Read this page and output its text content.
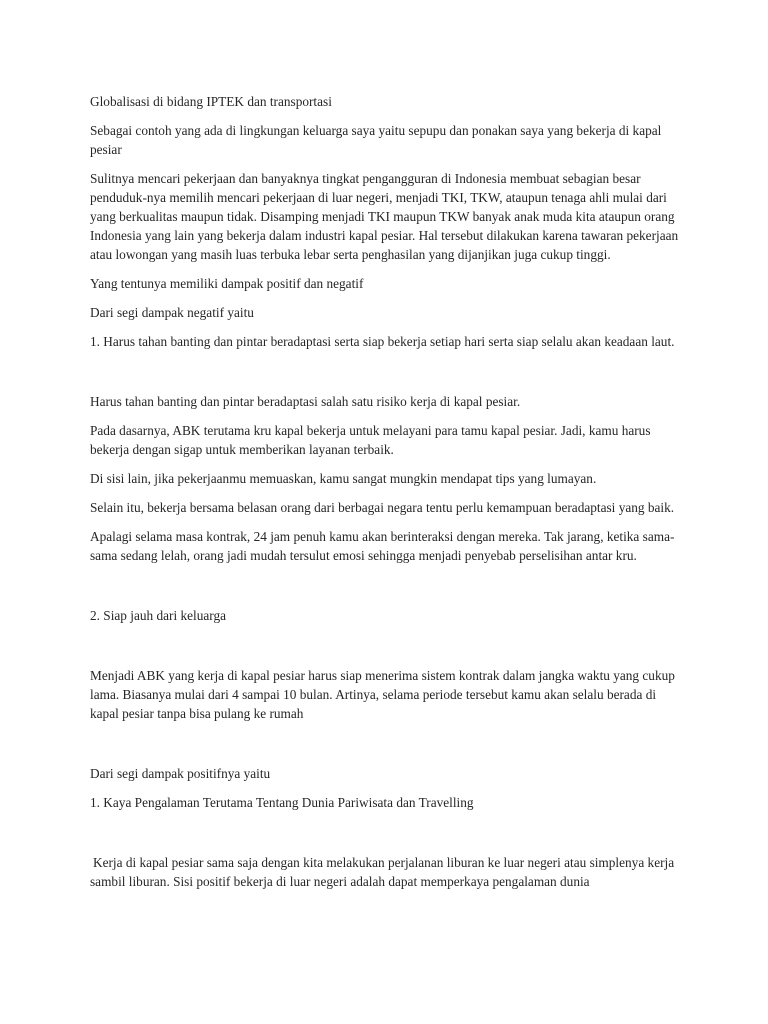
Globalisasi di bidang IPTEK dan transportasi

Sebagai contoh yang ada di lingkungan keluarga saya yaitu sepupu dan ponakan saya yang bekerja di kapal pesiar

Sulitnya mencari pekerjaan dan banyaknya tingkat pengangguran di Indonesia membuat sebagian besar penduduk-nya memilih mencari pekerjaan di luar negeri, menjadi TKI, TKW, ataupun tenaga ahli mulai dari yang berkualitas maupun tidak. Disamping menjadi TKI maupun TKW banyak anak muda kita ataupun orang Indonesia yang lain yang bekerja dalam industri kapal pesiar. Hal tersebut dilakukan karena tawaran pekerjaan atau lowongan yang masih luas terbuka lebar serta penghasilan yang dijanjikan juga cukup tinggi.

Yang tentunya memiliki dampak positif dan negatif

Dari segi dampak negatif yaitu

1. Harus tahan banting dan pintar beradaptasi serta siap bekerja setiap hari serta siap selalu akan keadaan laut.

Harus tahan banting dan pintar beradaptasi salah satu risiko kerja di kapal pesiar.

Pada dasarnya, ABK terutama kru kapal bekerja untuk melayani para tamu kapal pesiar. Jadi, kamu harus bekerja dengan sigap untuk memberikan layanan terbaik.

Di sisi lain, jika pekerjaanmu memuaskan, kamu sangat mungkin mendapat tips yang lumayan.

Selain itu, bekerja bersama belasan orang dari berbagai negara tentu perlu kemampuan beradaptasi yang baik.

Apalagi selama masa kontrak, 24 jam penuh kamu akan berinteraksi dengan mereka. Tak jarang, ketika sama-sama sedang lelah, orang jadi mudah tersulut emosi sehingga menjadi penyebab perselisihan antar kru.

2. Siap jauh dari keluarga

Menjadi ABK yang kerja di kapal pesiar harus siap menerima sistem kontrak dalam jangka waktu yang cukup lama. Biasanya mulai dari 4 sampai 10 bulan. Artinya, selama periode tersebut kamu akan selalu berada di kapal pesiar tanpa bisa pulang ke rumah

Dari segi dampak positifnya yaitu

1. Kaya Pengalaman Terutama Tentang Dunia Pariwisata dan Travelling

Kerja di kapal pesiar sama saja dengan kita melakukan perjalanan liburan ke luar negeri atau simplenya kerja sambil liburan. Sisi positif bekerja di luar negeri adalah dapat memperkaya pengalaman dunia
